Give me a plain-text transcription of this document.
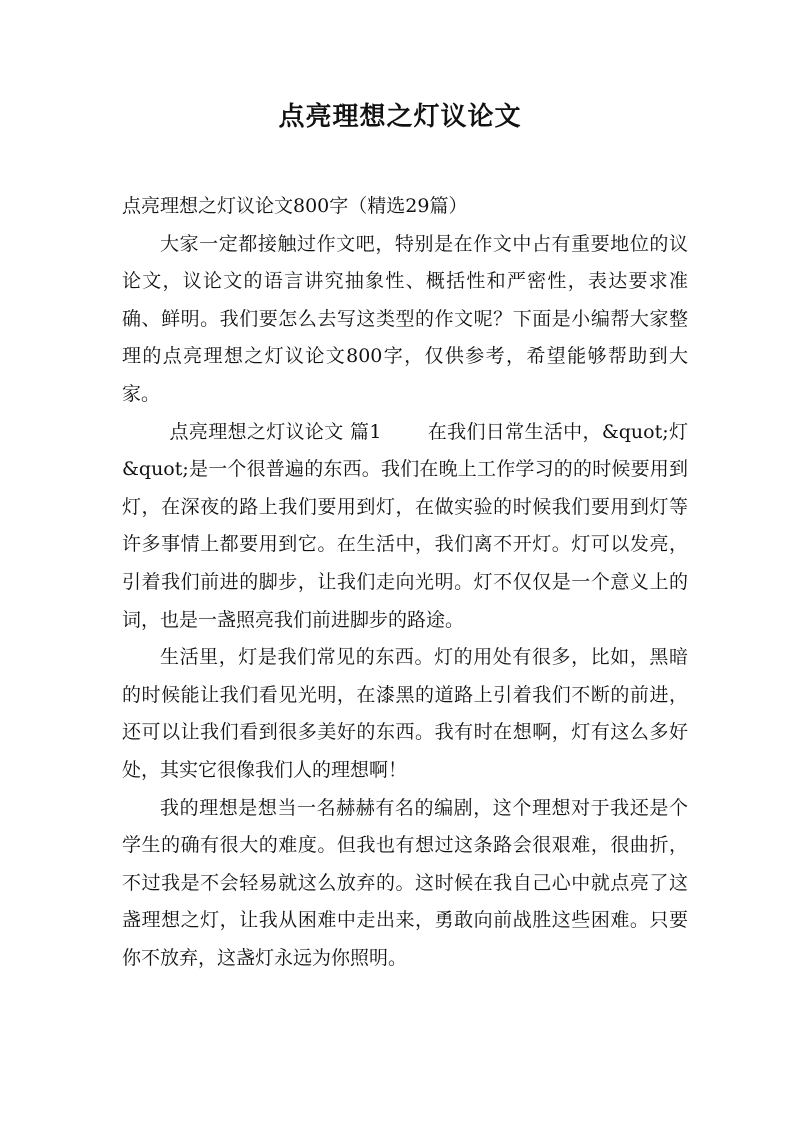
点亮理想之灯议论文

点亮理想之灯议论文800字（精选29篇）

大家一定都接触过作文吧，特别是在作文中占有重要地位的议论文，议论文的语言讲究抽象性、概括性和严密性，表达要求准确、鲜明。我们要怎么去写这类型的作文呢？下面是小编帮大家整理的点亮理想之灯议论文800字，仅供参考，希望能够帮助到大家。

点亮理想之灯议论文 篇1 在我们日常生活中，&quot;灯&quot;是一个很普遍的东西。我们在晚上工作学习的的时候要用到灯，在深夜的路上我们要用到灯，在做实验的时候我们要用到灯等许多事情上都要用到它。在生活中，我们离不开灯。灯可以发亮，引着我们前进的脚步，让我们走向光明。灯不仅仅是一个意义上的词，也是一盏照亮我们前进脚步的路途。

生活里，灯是我们常见的东西。灯的用处有很多，比如，黑暗的时候能让我们看见光明，在漆黑的道路上引着我们不断的前进，还可以让我们看到很多美好的东西。我有时在想啊，灯有这么多好处，其实它很像我们人的理想啊！

我的理想是想当一名赫赫有名的编剧，这个理想对于我还是个学生的确有很大的难度。但我也有想过这条路会很艰难，很曲折，不过我是不会轻易就这么放弃的。这时候在我自己心中就点亮了这盏理想之灯，让我从困难中走出来，勇敢向前战胜这些困难。只要你不放弃，这盏灯永远为你照明。
